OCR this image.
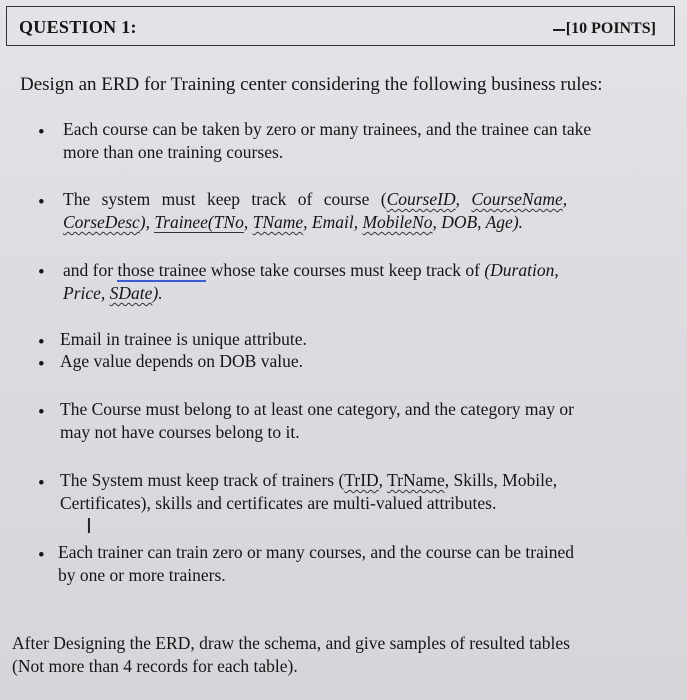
QUESTION 1:	[10 POINTS]
Design an ERD for Training center considering the following business rules:
• Each course can be taken by zero or many trainees, and the trainee can take
more than one training courses.
• The system must keep track of course (CourseID, CourseName,
CorseDesc), Trainee(TNo, TName, Email, MobileNo, DOB, Age).
• and for those trainee whose take courses must keep track of (Duration,
Price, SDate).
• Email in trainee is unique attribute.
• Age value depends on DOB value.
• The Course must belong to at least one category, and the category may or
may not have courses belong to it.
• The System must keep track of trainers (TrID, TrName, Skills, Mobile,
Certificates), skills and certificates are multi-valued attributes.
I
• Each trainer can train zero or many courses, and the course can be trained
by one or more trainers.
After Designing the ERD, draw the schema, and give samples of resulted tables
(Not more than 4 records for each table).
